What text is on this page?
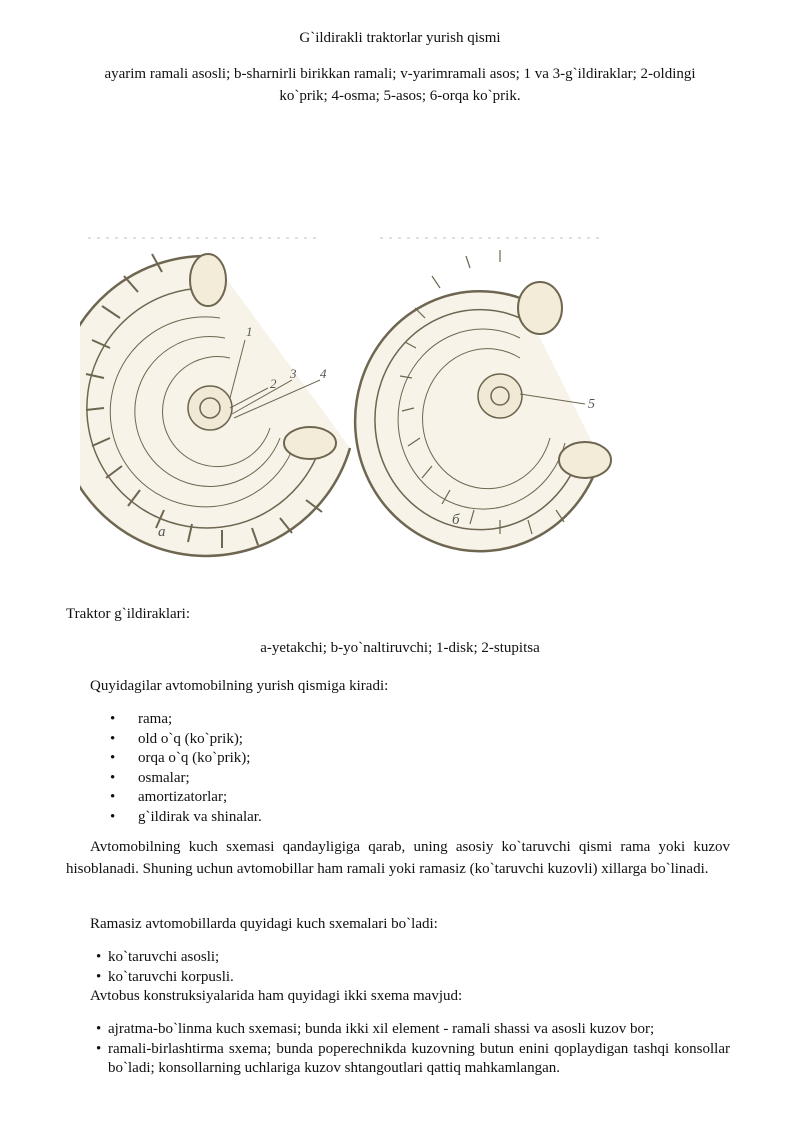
G`ildirakli traktorlar yurish qismi
ayarim ramali asosli; b-sharnirli birikkan ramali; v-yarimramali asos; 1 va 3-g`ildiraklar; 2-oldingi
ko`prik; 4-osma; 5-asos; 6-orqa ko`prik.
1
2
3 4
a
5
б
Traktor g`ildiraklari:
a-yetakchi; b-yo`naltiruvchi; 1-disk; 2-stupitsa
Quyidagilar avtomobilning yurish qismiga kiradi:
• rama;
• old o`q (ko`prik);
• orqa o`q (ko`prik);
• osmalar;
• amortizatorlar;
• g`ildirak va shinalar.
Avtomobilning kuch sxemasi qandayligiga qarab, uning asosiy ko`taruvchi qismi rama yoki kuzov hisoblanadi. Shuning uchun avtomobillar ham ramali yoki ramasiz (ko`taruvchi kuzovli) xillarga bo`linadi.
Ramasiz avtomobillarda quyidagi kuch sxemalari bo`ladi:
• ko`taruvchi asosli;
• ko`taruvchi korpusli.
Avtobus konstruksiyalarida ham quyidagi ikki sxema mavjud:
• ajratma-bo`linma kuch sxemasi; bunda ikki xil element - ramali shassi va asosli kuzov bor;
• ramali-birlashtirma sxema; bunda poperechnikda kuzovning butun enini qoplaydigan tashqi konsollar bo`ladi; konsollarning uchlariga kuzov shtangoutlari qattiq mahkamlangan.
